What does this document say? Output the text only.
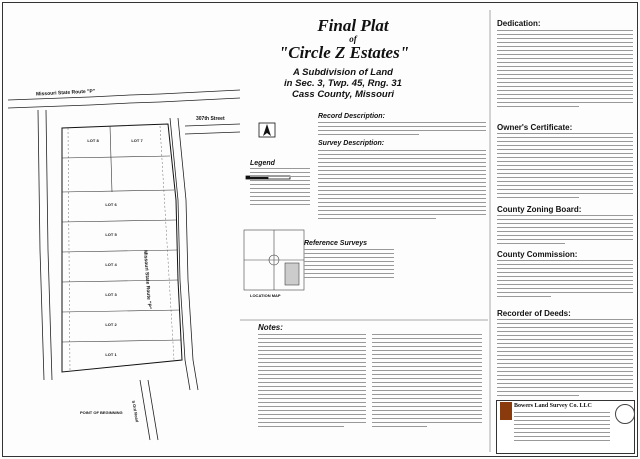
Final Plat
of
"Circle Z Estates"
A Subdivision of Land
in Sec. 3, Twp. 45, Rng. 31
Cass County, Missouri
Missouri State Route "P"
307th Street
Missouri State Route "P"
S Ord Road
LOT 8	LOT 7
LOT 6
LOT 5
LOT 4
LOT 3
LOT 2
LOT 1
POINT OF BEGINNING
Record Description:
Survey Description:
Legend
Reference Surveys
LOCATION MAP
Notes:
Dedication:
Owner's Certificate:
County Zoning Board:
County Commission:
Recorder of Deeds:
Bowers Land Survey Co. LLC
